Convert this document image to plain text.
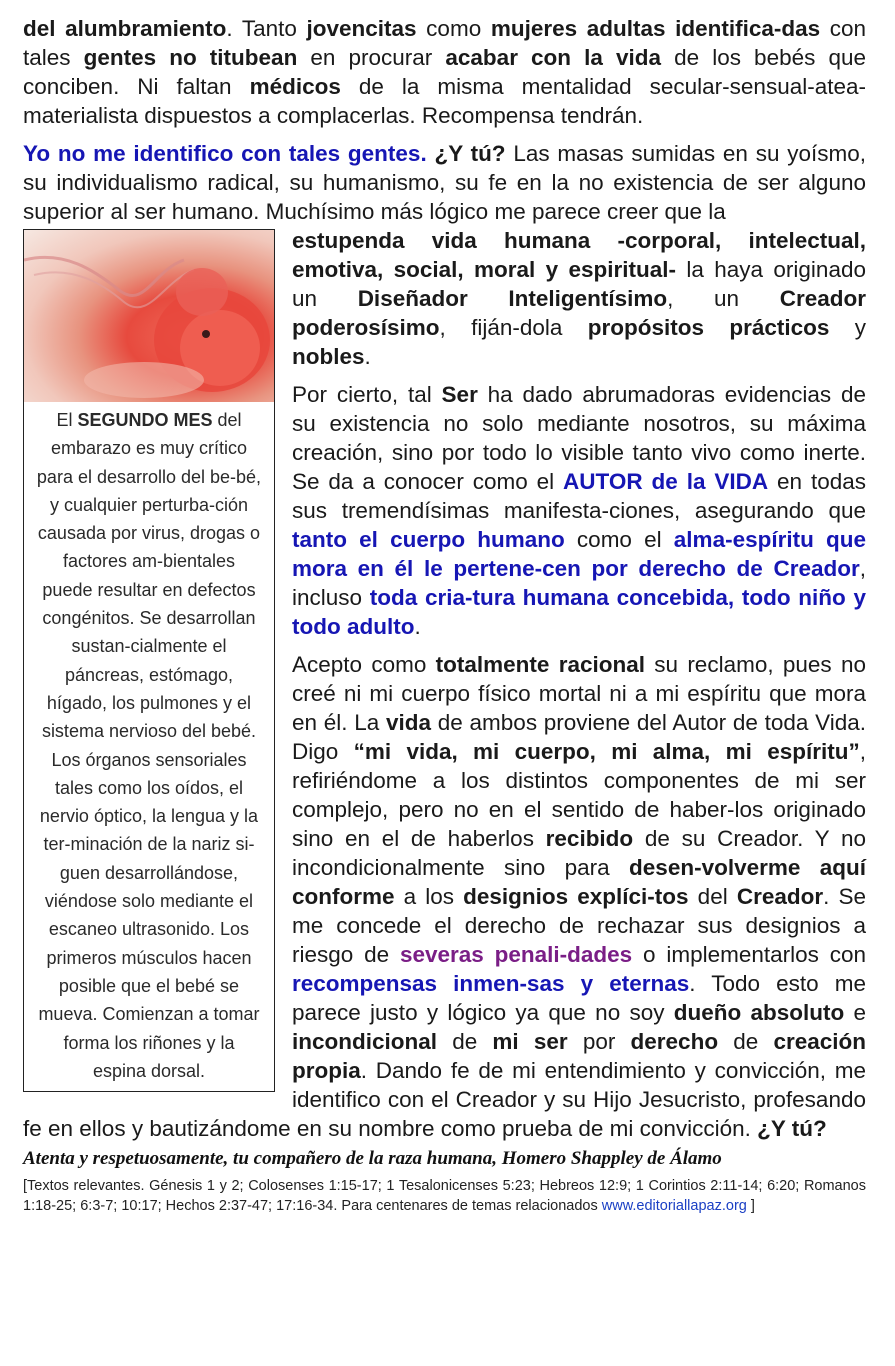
del alumbramiento. Tanto jovencitas como mujeres adultas identifica-das con tales gentes no titubean en procurar acabar con la vida de los bebés que conciben. Ni faltan médicos de la misma mentalidad secular-sensual-atea-materialista dispuestos a complacerlas. Recompensa tendrán.

Yo no me identifico con tales gentes. ¿Y tú? Las masas sumidas en su yoísmo, su individualismo radical, su humanismo, su fe en la no existencia de ser alguno superior al ser humano. Muchísimo más lógico me parece creer que la

El SEGUNDO MES del embarazo es muy crítico para el desarrollo del be-bé, y cualquier perturba-ción causada por virus, drogas o factores am-bientales puede resultar en defectos congénitos. Se desarrollan sustan-cialmente el páncreas, estómago, hígado, los pulmones y el sistema nervioso del bebé. Los órganos sensoriales tales como los oídos, el nervio óptico, la lengua y la ter-minación de la nariz si-guen desarrollándose, viéndose solo mediante el escaneo ultrasonido. Los primeros músculos hacen posible que el bebé se mueva. Comienzan a tomar forma los riñones y la espina dorsal.

estupenda vida humana -corporal, intelectual, emotiva, social, moral y espiritual- la haya originado un Diseñador Inteligentísimo, un Creador poderosísimo, fiján-dola propósitos prácticos y nobles.

Por cierto, tal Ser ha dado abrumadoras evidencias de su existencia no solo mediante nosotros, su máxima creación, sino por todo lo visible tanto vivo como inerte. Se da a conocer como el AUTOR de la VIDA en todas sus tremendísimas manifesta-ciones, asegurando que tanto el cuerpo humano como el alma-espíritu que mora en él le pertene-cen por derecho de Creador, incluso toda cria-tura humana concebida, todo niño y todo adulto.

Acepto como totalmente racional su reclamo, pues no creé ni mi cuerpo físico mortal ni a mi espíritu que mora en él. La vida de ambos proviene del Autor de toda Vida. Digo “mi vida, mi cuerpo, mi alma, mi espíritu”, refiriéndome a los distintos componentes de mi ser complejo, pero no en el sentido de haber-los originado sino en el de haberlos recibido de su Creador. Y no incondicionalmente sino para desen-volverme aquí conforme a los designios explíci-tos del Creador. Se me concede el derecho de rechazar sus designios a riesgo de severas penali-dades o implementarlos con recompensas inmen-sas y eternas. Todo esto me parece justo y lógico ya que no soy dueño absoluto e incondicional de mi ser por derecho de creación propia. Dando fe de mi entendimiento y convicción, me identifico con el Creador y su Hijo Jesucristo, profesando fe en ellos y bautizándome en su nombre como prueba de mi convicción. ¿Y tú?

Atenta y respetuosamente, tu compañero de la raza humana, Homero Shappley de Álamo

[Textos relevantes. Génesis 1 y 2; Colosenses 1:15-17; 1 Tesalonicenses 5:23; Hebreos 12:9; 1 Corintios 2:11-14; 6:20; Romanos 1:18-25; 6:3-7; 10:17; Hechos 2:37-47; 17:16-34. Para centenares de temas relacionados www.editoriallapaz.org ]
